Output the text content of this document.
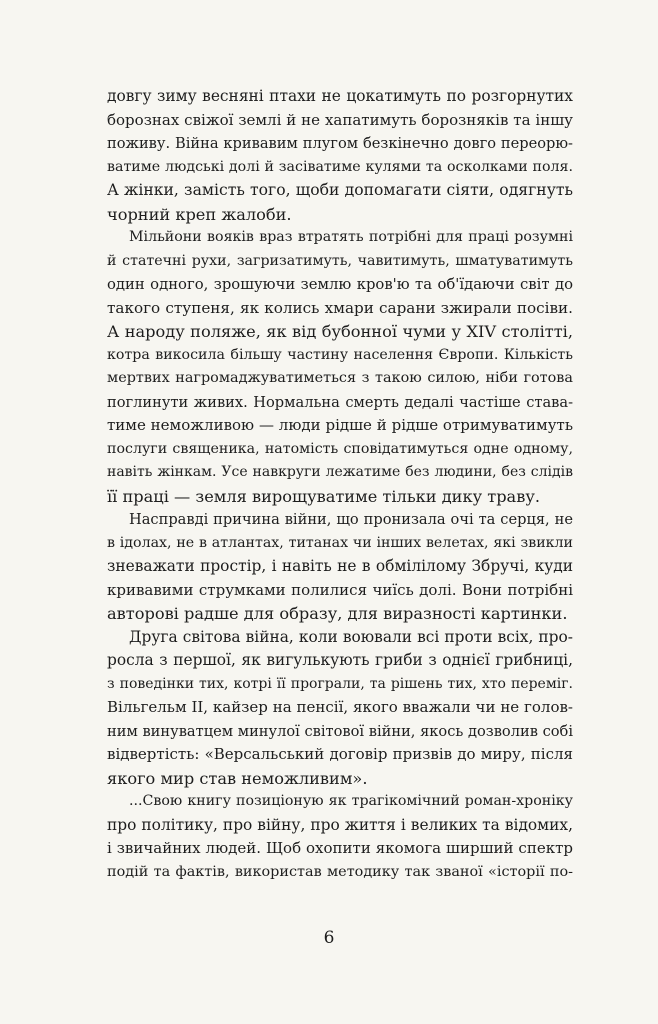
довгу зиму весняні птахи не цокатимуть по розгорнутих
борознах свіжої землі й не хапатимуть борозняків та іншу
поживу. Війна кривавим плугом безкінечно довго переорю-
ватиме людські долі й засіватиме кулями та осколками поля.
А жінки, замість того, щоби допомагати сіяти, одягнуть
чорний креп жалоби.
Мільйони вояків враз втратять потрібні для праці розумні
й статечні рухи, загризатимуть, чавитимуть, шматуватимуть
один одного, зрошуючи землю кров'ю та об'їдаючи світ до
такого ступеня, як колись хмари сарани зжирали посіви.
А народу поляже, як від бубонної чуми у XIV столітті,
котра викосила більшу частину населення Європи. Кількість
мертвих нагромаджуватиметься з такою силою, ніби готова
поглинути живих. Нормальна смерть дедалі частіше ставa-
тиме неможливою — люди рідше й рідше отримуватимуть
послуги священика, натомість сповідатимуться одне одному,
навіть жінкам. Усе навкруги лежатиме без людини, без слідів
її праці — земля вирощуватиме тільки дику траву.
Насправді причина війни, що пронизала очі та серця, не
в ідолах, не в атлантах, титанах чи інших велетах, які звикли
зневажати простір, і навіть не в обмілілому Збручі, куди
кривавими струмками полилися чиїсь долі. Вони потрібні
авторові радше для образу, для виразності картинки.
Друга світова війна, коли воювали всі проти всіх, про-
росла з першої, як вигулькують гриби з однієї грибниці,
з поведінки тих, котрі її програли, та рішень тих, хто переміг.
Вільгельм II, кайзер на пенсії, якого вважали чи не голов-
ним винуватцем минулої світової війни, якось дозволив собі
відвертість: «Версальський договір призвів до миру, після
якого мир став неможливим».
...Свою книгу позиціоную як трагікомічний роман-хроніку
про політику, про війну, про життя і великих та відомих,
і звичайних людей. Щоб охопити якомога ширший спектр
подій та фактів, використав методику так званої «історії по-
6
